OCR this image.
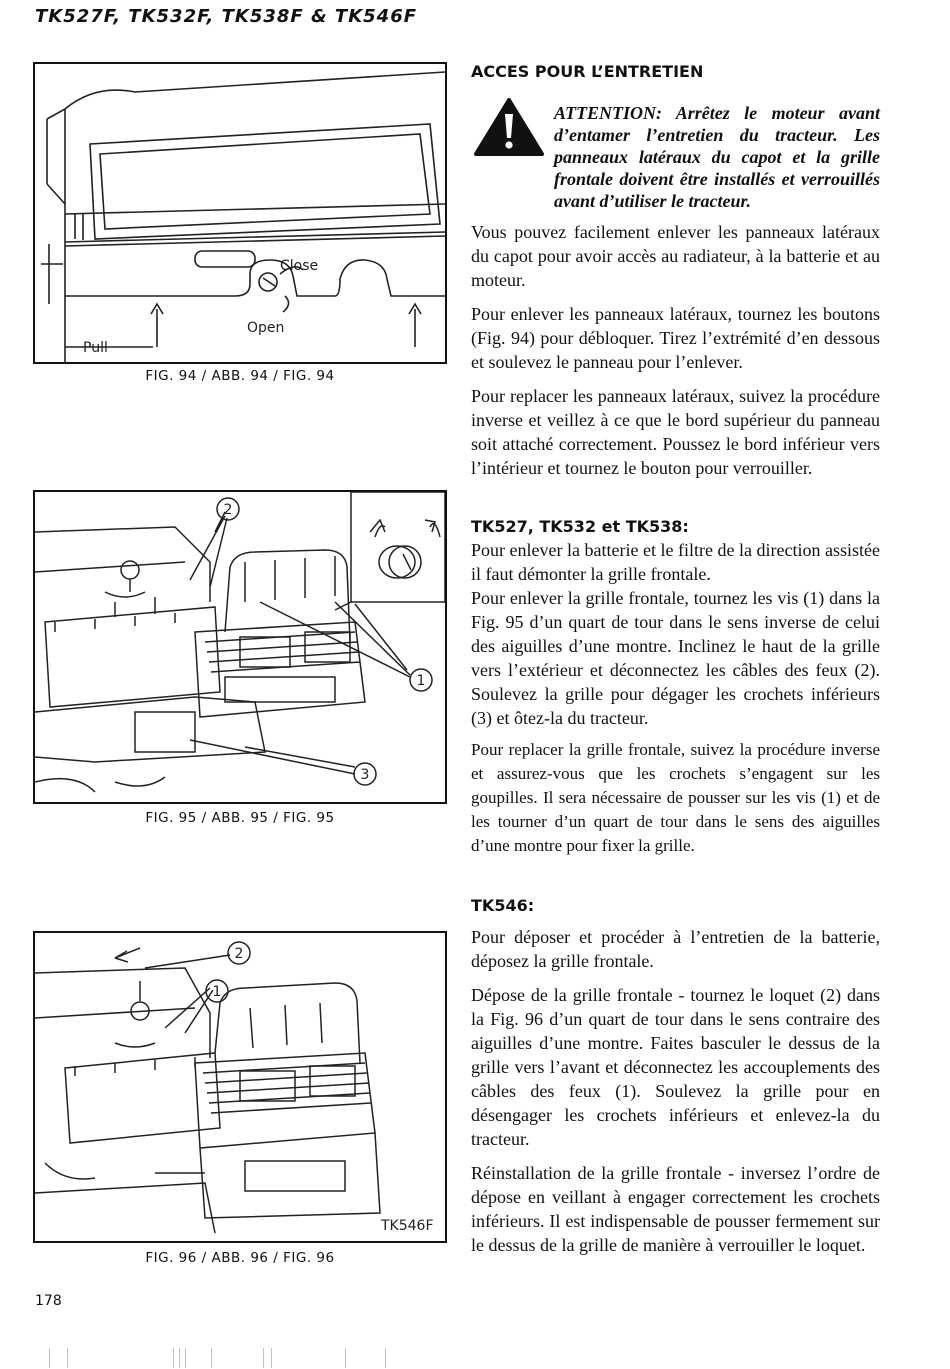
TK527F, TK532F, TK538F & TK546F
Close
Open
Pull
FIG. 94 / ABB. 94 / FIG. 94
2
1
3
FIG. 95 / ABB. 95 / FIG. 95
2
1
TK546F
FIG. 96 / ABB. 96 / FIG. 96

ACCES POUR L’ENTRETIEN

ATTENTION: Arrêtez le moteur avant d’entamer l’entretien du tracteur. Les panneaux latéraux du capot et la grille frontale doivent être installés et verrouillés avant d’utiliser le tracteur.

Vous pouvez facilement enlever les panneaux latéraux du capot pour avoir accès au radiateur, à la batterie et au moteur.

Pour enlever les panneaux latéraux, tournez les boutons (Fig. 94) pour débloquer. Tirez l’extrémité d’en dessous et soulevez le panneau pour l’enlever.

Pour replacer les panneaux latéraux, suivez la procédure inverse et veillez à ce que le bord supérieur du panneau soit attaché correctement. Poussez le bord inférieur vers l’intérieur et tournez le bouton pour verrouiller.

TK527, TK532 et TK538:

Pour enlever la batterie et le filtre de la direction assistée il faut démonter la grille frontale.

Pour enlever la grille frontale, tournez les vis (1) dans la Fig. 95 d’un quart de tour dans le sens inverse de celui des aiguilles d’une montre. Inclinez le haut de la grille vers l’extérieur et déconnectez les câbles des feux (2). Soulevez la grille pour dégager les crochets inférieurs (3) et ôtez-la du tracteur.

Pour replacer la grille frontale, suivez la procédure inverse et assurez-vous que les crochets s’engagent sur les goupilles. Il sera nécessaire de pousser sur les vis (1) et de les tourner d’un quart de tour dans le sens des aiguilles d’une montre pour fixer la grille.

TK546:

Pour déposer et procéder à l’entretien de la batterie, déposez la grille frontale.

Dépose de la grille frontale - tournez le loquet (2) dans la Fig. 96 d’un quart de tour dans le sens contraire des aiguilles d’une montre. Faites basculer le dessus de la grille vers l’avant et déconnectez les accouplements des câbles des feux (1). Soulevez la grille pour en désengager les crochets inférieurs et enlevez-la du tracteur.

Réinstallation de la grille frontale - inversez l’ordre de dépose en veillant à engager correctement les crochets inférieurs. Il est indispensable de pousser fermement sur le dessus de la grille de manière à verrouiller le loquet.

178
